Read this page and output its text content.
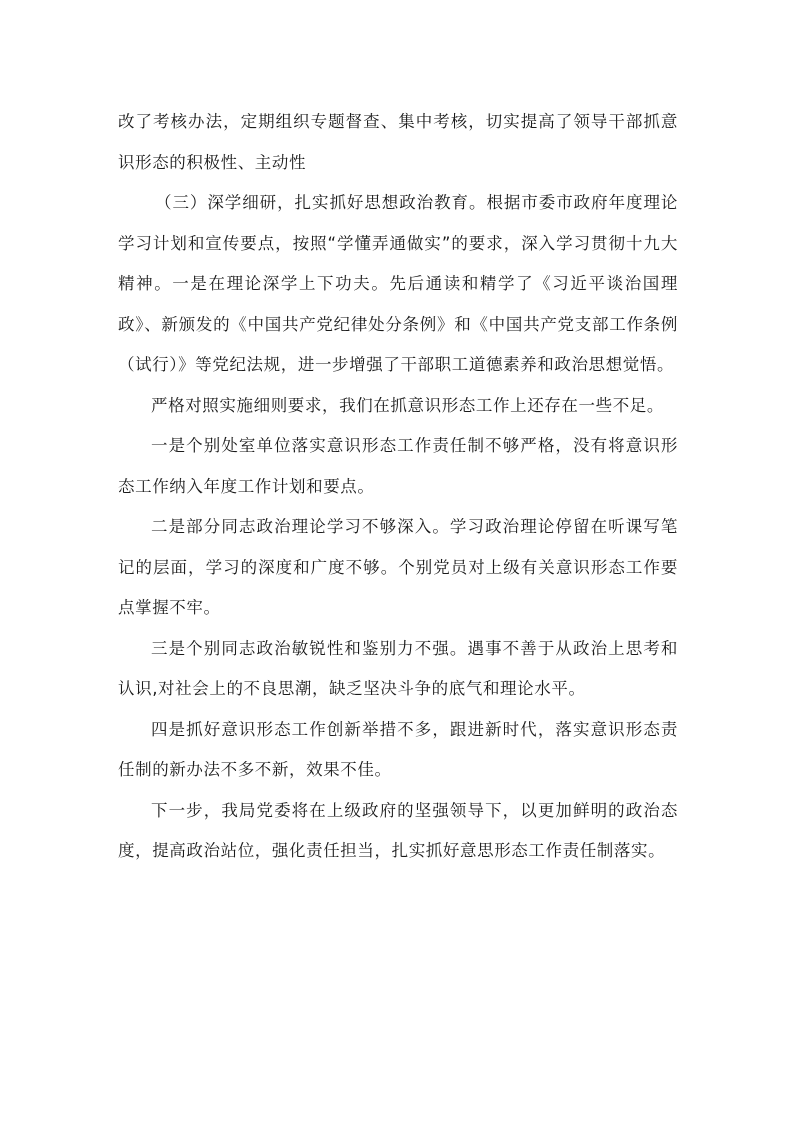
改了考核办法，定期组织专题督查、集中考核，切实提高了领导干部抓意识形态的积极性、主动性

（三）深学细研，扎实抓好思想政治教育。根据市委市政府年度理论学习计划和宣传要点，按照“学懂弄通做实”的要求，深入学习贯彻十九大精神。一是在理论深学上下功夫。先后通读和精学了《习近平谈治国理政》、新颁发的《中国共产党纪律处分条例》和《中国共产党支部工作条例（试行）》等党纪法规，进一步增强了干部职工道德素养和政治思想觉悟。

严格对照实施细则要求，我们在抓意识形态工作上还存在一些不足。

一是个别处室单位落实意识形态工作责任制不够严格，没有将意识形态工作纳入年度工作计划和要点。

二是部分同志政治理论学习不够深入。学习政治理论停留在听课写笔记的层面，学习的深度和广度不够。个别党员对上级有关意识形态工作要点掌握不牢。

三是个别同志政治敏锐性和鉴别力不强。遇事不善于从政治上思考和认识,对社会上的不良思潮，缺乏坚决斗争的底气和理论水平。

四是抓好意识形态工作创新举措不多，跟进新时代，落实意识形态责任制的新办法不多不新，效果不佳。

下一步，我局党委将在上级政府的坚强领导下，以更加鲜明的政治态度，提高政治站位，强化责任担当，扎实抓好意思形态工作责任制落实。
